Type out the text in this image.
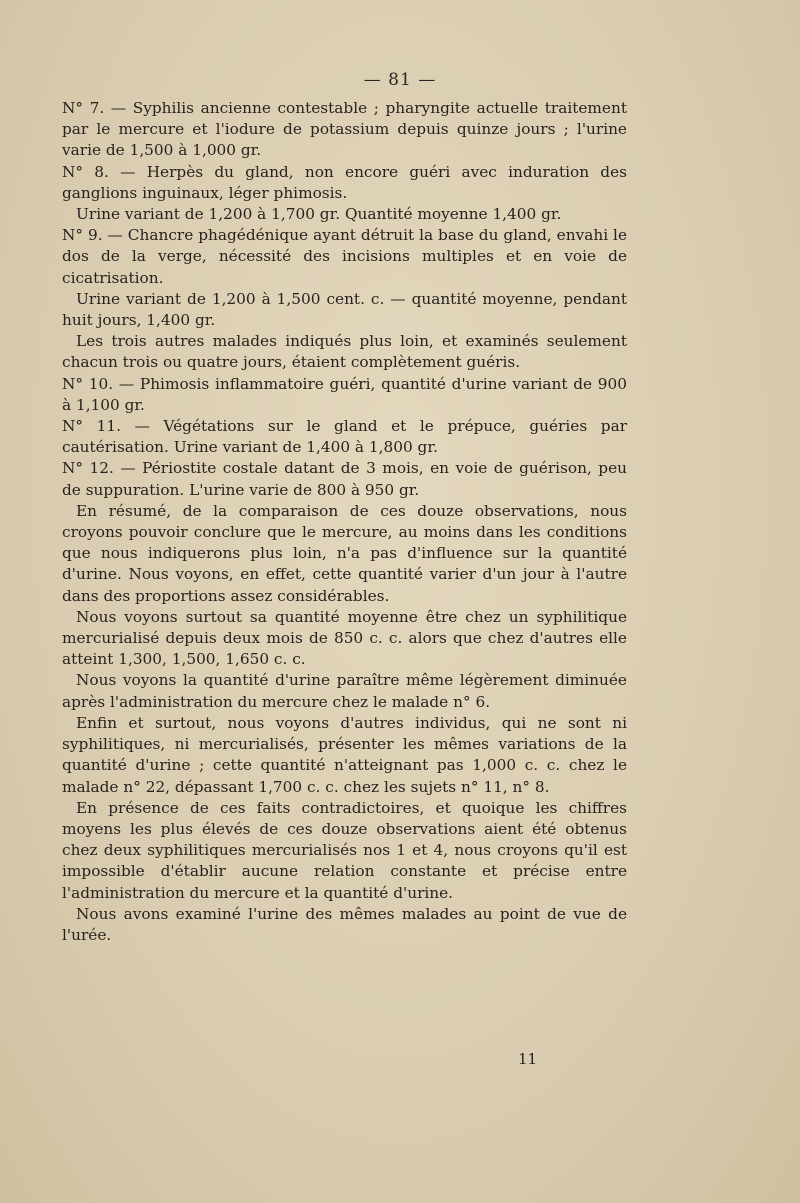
— 81 —

N° 7. — Syphilis ancienne contestable ; pharyngite actuelle traitement par le mercure et l'iodure de potassium depuis quinze jours ; l'urine varie de 1,500 à 1,000 gr.

N° 8. — Herpès du gland, non encore guéri avec induration des ganglions inguinaux, léger phimosis.

Urine variant de 1,200 à 1,700 gr. Quantité moyenne 1,400 gr.

N° 9. — Chancre phagédénique ayant détruit la base du gland, envahi le dos de la verge, nécessité des incisions multiples et en voie de cicatrisation.

Urine variant de 1,200 à 1,500 cent. c. — quantité moyenne, pendant huit jours, 1,400 gr.

Les trois autres malades indiqués plus loin, et examinés seulement chacun trois ou quatre jours, étaient complètement guéris.

N° 10. — Phimosis inflammatoire guéri, quantité d'urine variant de 900 à 1,100 gr.

N° 11. — Végétations sur le gland et le prépuce, guéries par cautérisation. Urine variant de 1,400 à 1,800 gr.

N° 12. — Périostite costale datant de 3 mois, en voie de guérison, peu de suppuration. L'urine varie de 800 à 950 gr.

En résumé, de la comparaison de ces douze observations, nous croyons pouvoir conclure que le mercure, au moins dans les conditions que nous indiquerons plus loin, n'a pas d'influence sur la quantité d'urine. Nous voyons, en effet, cette quantité varier d'un jour à l'autre dans des proportions assez considérables.

Nous voyons surtout sa quantité moyenne être chez un syphilitique mercurialisé depuis deux mois de 850 c. c. alors que chez d'autres elle atteint 1,300, 1,500, 1,650 c. c.

Nous voyons la quantité d'urine paraître même légèrement diminuée après l'administration du mercure chez le malade n° 6.

Enfin et surtout, nous voyons d'autres individus, qui ne sont ni syphilitiques, ni mercurialisés, présenter les mêmes variations de la quantité d'urine ; cette quantité n'atteignant pas 1,000 c. c. chez le malade n° 22, dépassant 1,700 c. c. chez les sujets n° 11, n° 8.

En présence de ces faits contradictoires, et quoique les chiffres moyens les plus élevés de ces douze observations aient été obtenus chez deux syphilitiques mercurialisés nos 1 et 4, nous croyons qu'il est impossible d'établir aucune relation constante et précise entre l'administration du mercure et la quantité d'urine.

Nous avons examiné l'urine des mêmes malades au point de vue de l'urée.

11
